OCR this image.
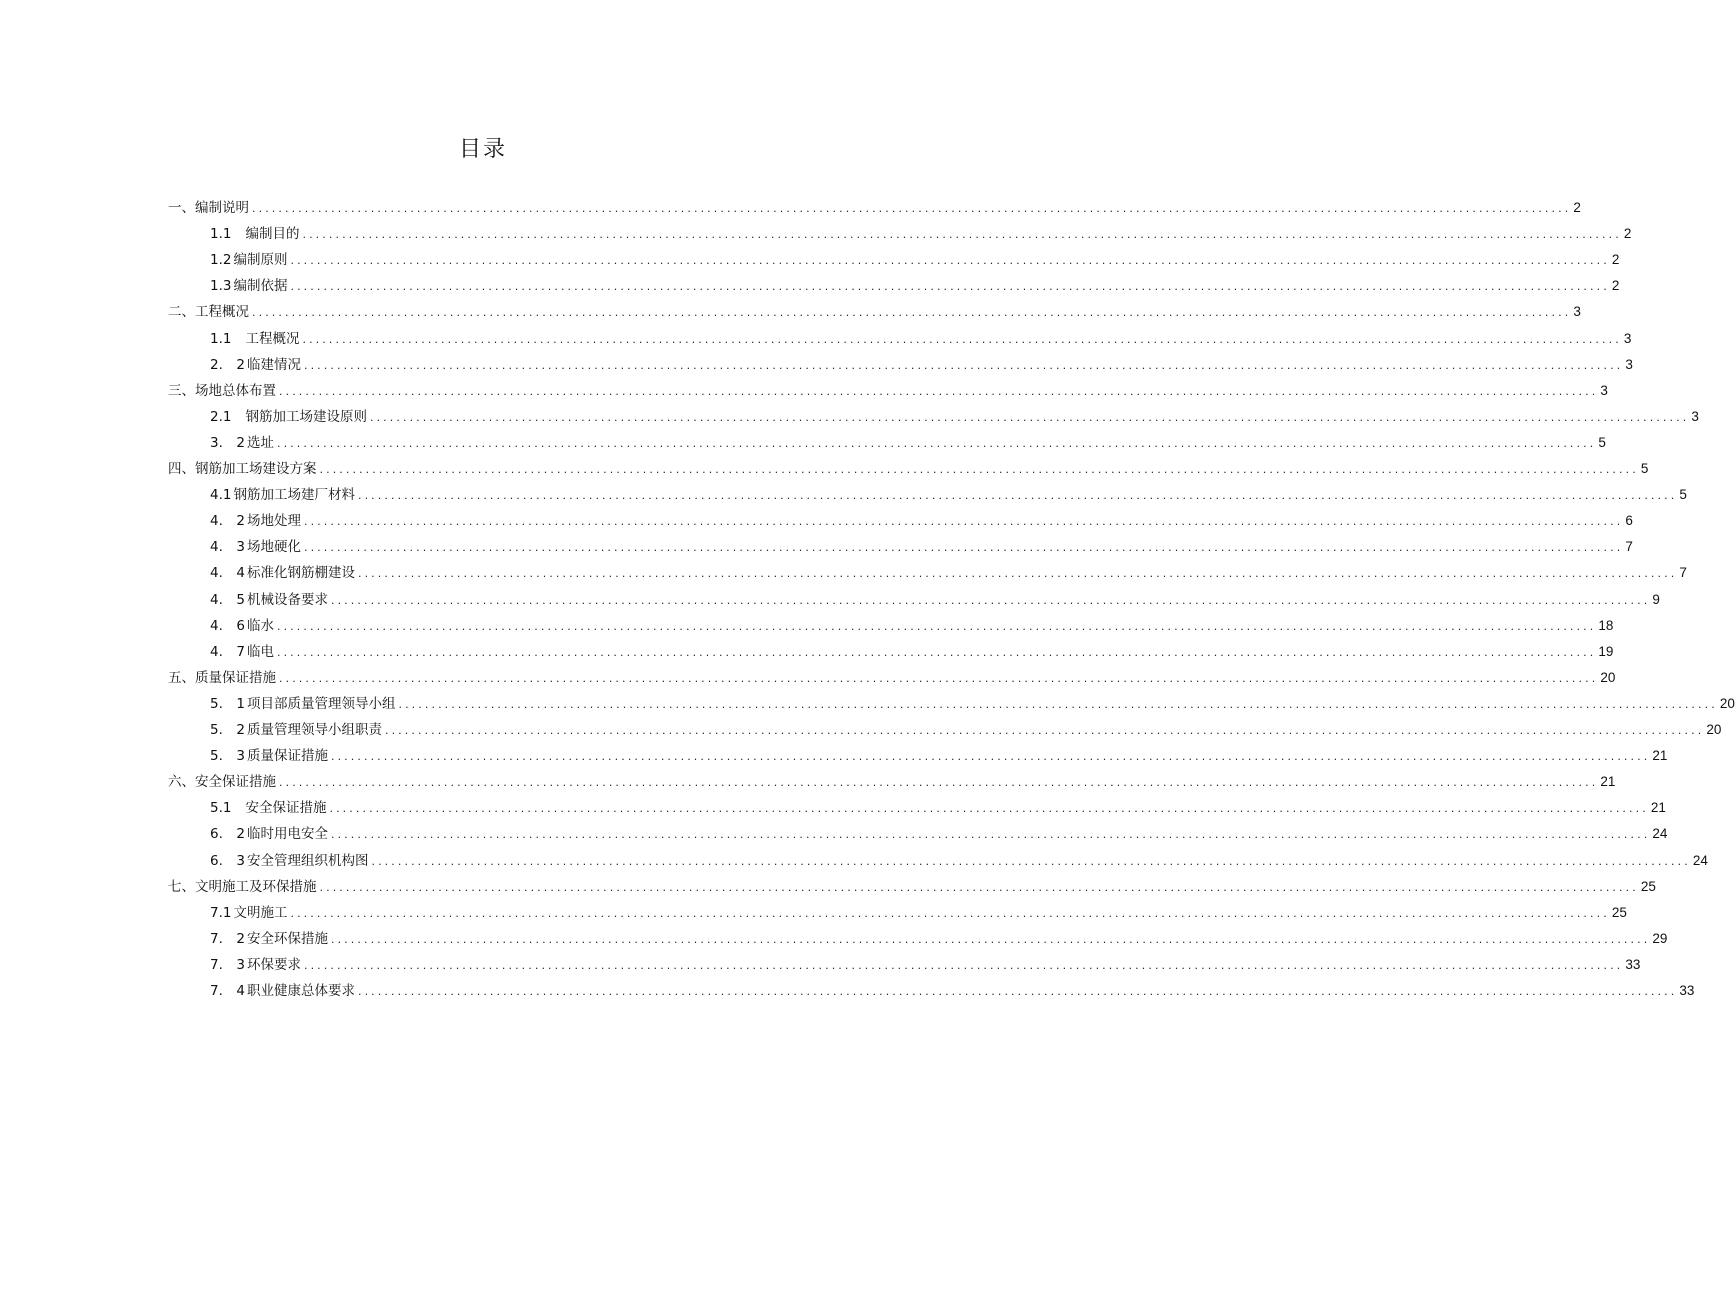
目录
一、编制说明 ........................................................................................................................................................................................................ 2
1.1 编制目的 ........................................................................................................................................................................................................ 2
1.2 编制原则 ........................................................................................................................................................................................................ 2
1.3 编制依据 ........................................................................................................................................................................................................ 2
二、工程概况 ........................................................................................................................................................................................................ 3
1.1 工程概况 ........................................................................................................................................................................................................ 3
2.　2 临建情况 ........................................................................................................................................................................................................ 3
三、场地总体布置 ........................................................................................................................................................................................................ 3
2.1 钢筋加工场建设原则 ........................................................................................................................................................................................................ 3
3.　2 选址 ........................................................................................................................................................................................................ 5
四、钢筋加工场建设方案 ........................................................................................................................................................................................................ 5
4.1 钢筋加工场建厂材料 ........................................................................................................................................................................................................ 5
4.　2 场地处理 ........................................................................................................................................................................................................ 6
4.　3 场地硬化 ........................................................................................................................................................................................................ 7
4.　4 标准化钢筋棚建设 ........................................................................................................................................................................................................ 7
4.　5 机械设备要求 ........................................................................................................................................................................................................ 9
4.　6 临水 ........................................................................................................................................................................................................ 18
4.　7 临电 ........................................................................................................................................................................................................ 19
五、质量保证措施 ........................................................................................................................................................................................................ 20
5.　1 项目部质量管理领导小组 ........................................................................................................................................................................................................ 20
5.　2 质量管理领导小组职责 ........................................................................................................................................................................................................ 20
5.　3 质量保证措施 ........................................................................................................................................................................................................ 21
六、安全保证措施 ........................................................................................................................................................................................................ 21
5.1 安全保证措施 ........................................................................................................................................................................................................ 21
6.　2 临时用电安全 ........................................................................................................................................................................................................ 24
6.　3 安全管理组织机构图 ........................................................................................................................................................................................................ 24
七、文明施工及环保措施 ........................................................................................................................................................................................................ 25
7.1 文明施工 ........................................................................................................................................................................................................ 25
7.　2 安全环保措施 ........................................................................................................................................................................................................ 29
7.　3 环保要求 ........................................................................................................................................................................................................ 33
7.　4 职业健康总体要求 ........................................................................................................................................................................................................ 33
